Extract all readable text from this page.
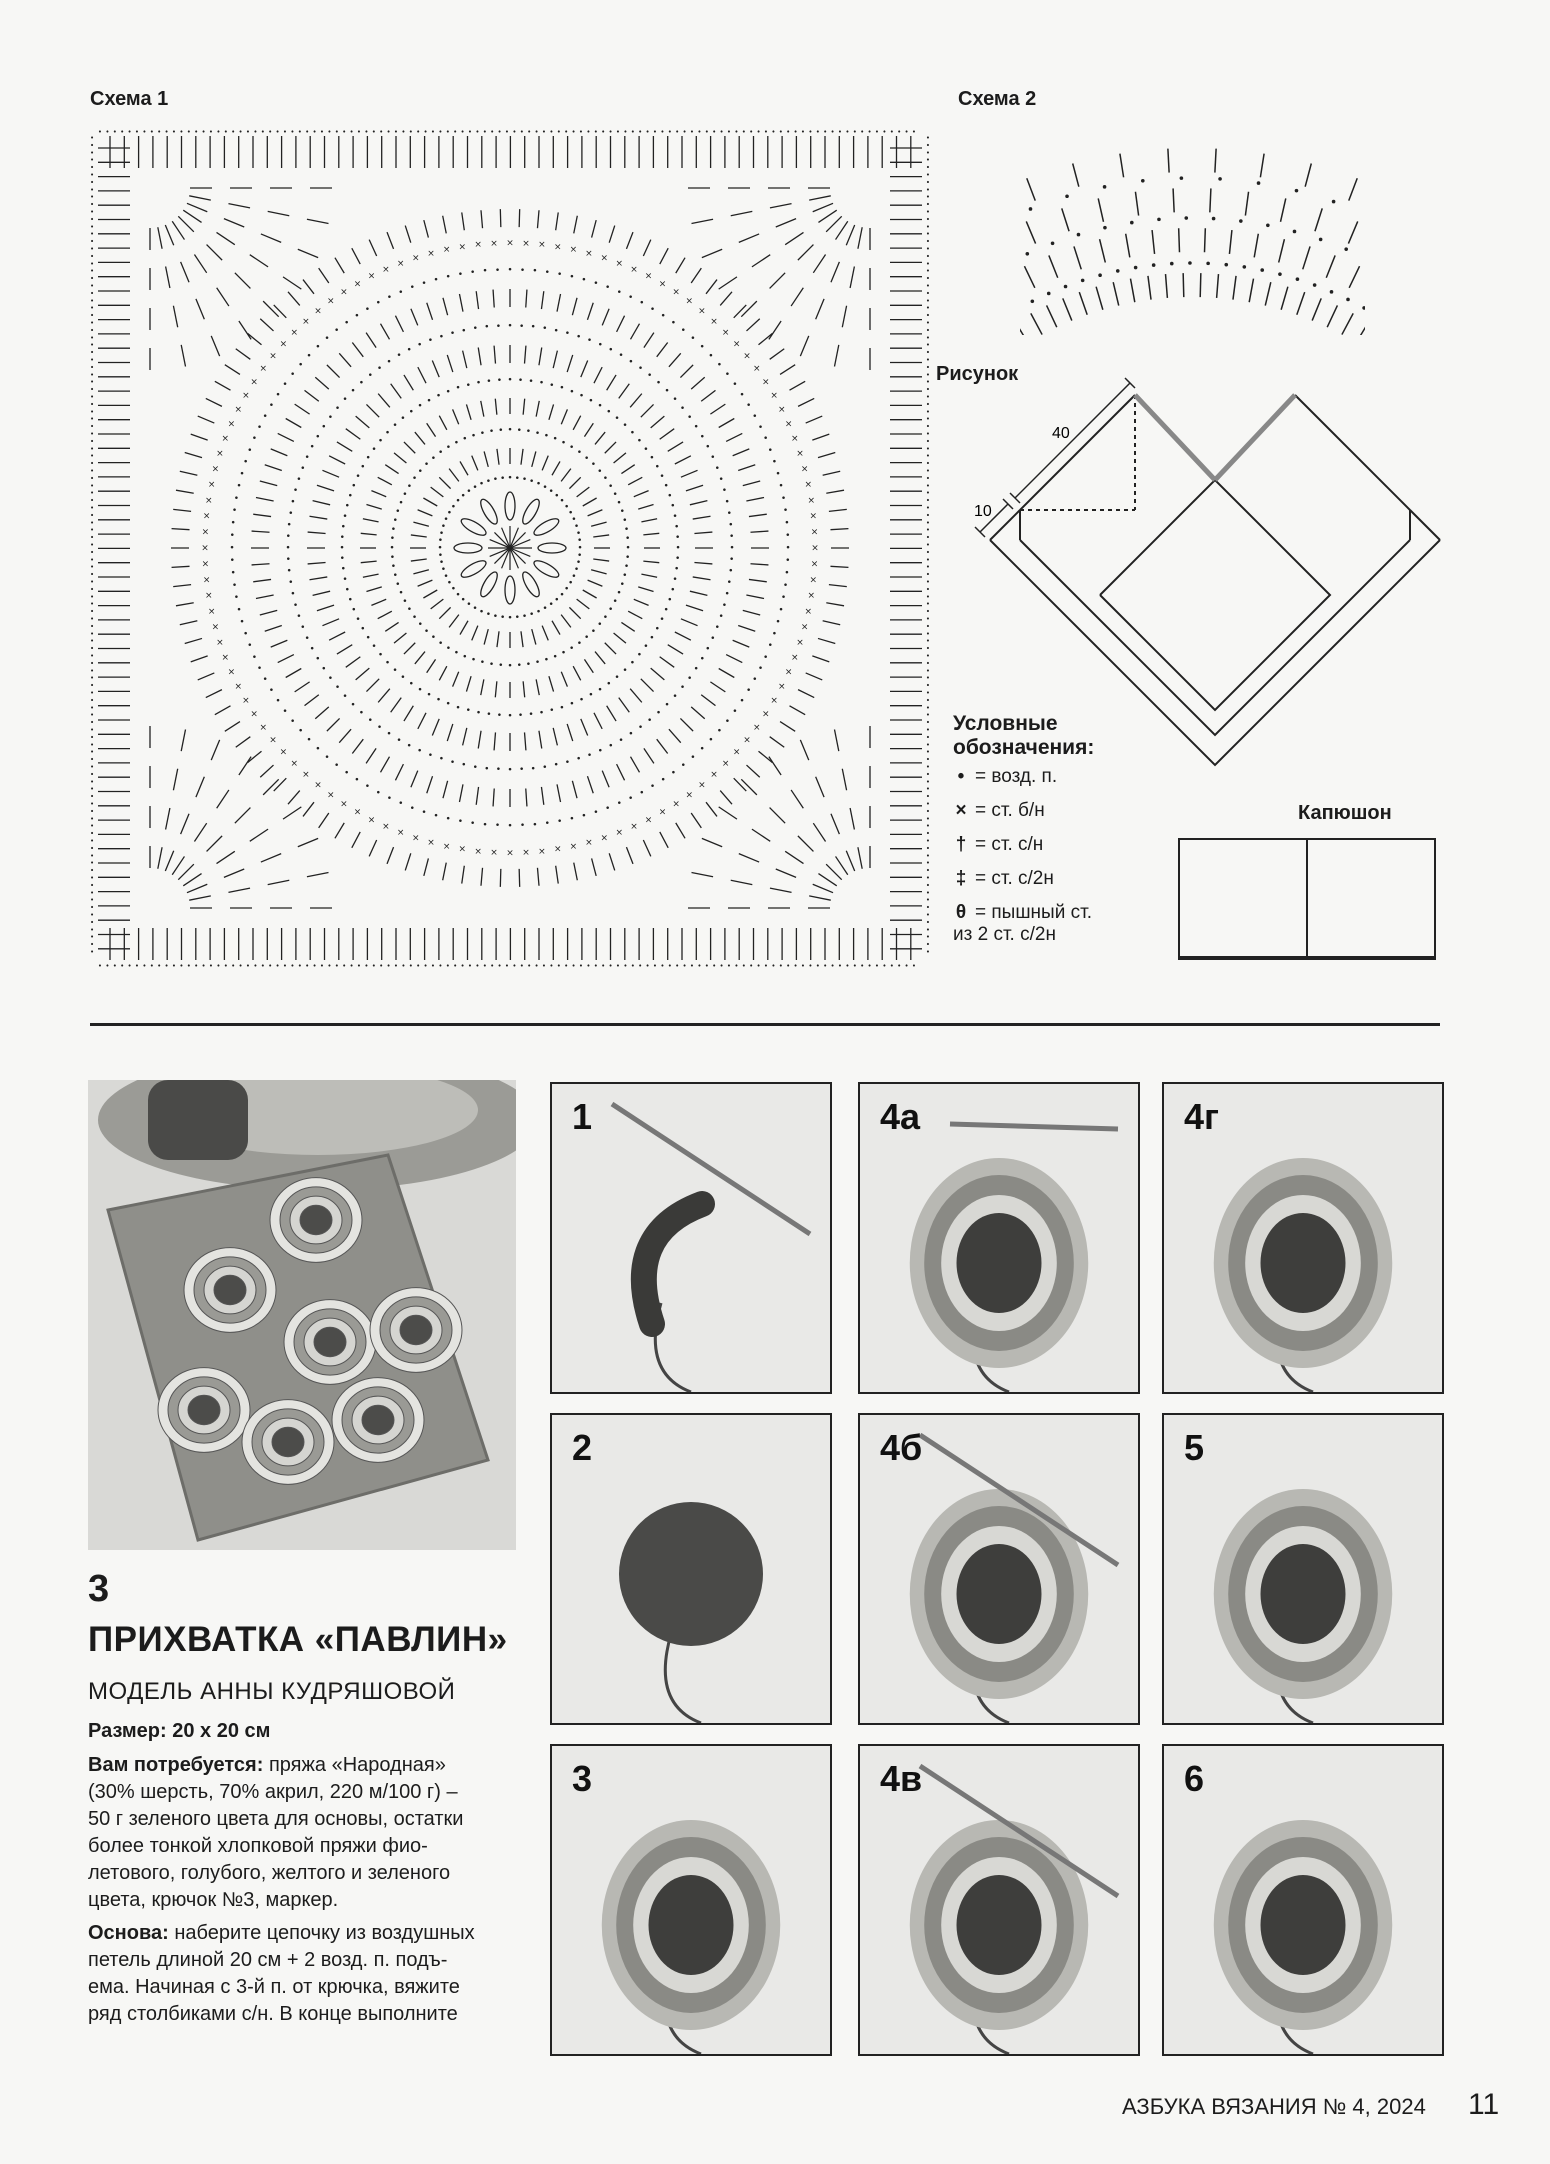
Схема 1
•
•
•
•
•
•
•
•
•
•
•
•
•
•
•
•
•
•
•
•
•
•
•
•
•
•
•
•
•
•
•
•
•
•
•
•
•
•
• • • • • • • • • • • • • • •
•
•
•
•
•
•
•
•
•
•
•
•
•
•
•
•
•
•
•
•
•
•
•
•
•
•
•
•
•
•
•
•
•
•
•
•
•
•
•
•
•
•
•
•
•
•
•
•
•
•
•
•
•
•
•
•
•
•
•
•
• • • • • • • • • • • • • • •
•
•
•
•
•
•
•
•
•
•
•
•
•
•
•
•
•
•
•
•
•
•
•
•
•
•
•
•
•
•
•
•
•
•
•
•
•
•
•
•
•
•
•
•
•
•
•
•
•
•
•
•
•
•
•
•
•
•
•
•
•
•
•
•
•
•
•
•
•
•
•
•
•
•
•
•
•
•
•
• • • • • • • • • • • • • • • • •
•
•
•
•
•
•
•
•
•
•
•
•
•
•
•
•
•
•
•
•
•
•
•
•
•
•
•
•
•
•
•
•
•
•
•
•
•
•
•
•
•
•
•
•
•
•
•
•
•
•
•
•
•
•
•
•
•
•
•
•
•
•
•
•
•
•
•
•
•
•
•
•
•
•
•
•
•
•
•
•
•
•
•
•
•
•
•
•
•
•
•
•
•
•
•
•
•
•
• • • • • • • • • • • • • • • • •
•
•
•
•
•
•
•
•
•
•
•
•
•
•
•
•
•
•
•
•
•
•
•
•
•
•
•
•
•
•
•
•
•
•
•
•
•
•
•
•
•
•
•
•
•
•
•
•
•
•
•
•
•
•
•
•
•
•
•
•
•
•
•
•
•
•
•
•
•
•
•
•
•
•
•
•
•
•
•
•
•
•
•
•
•
•
•
•
•
•
•
•
•
•
•
•
•
•
•
•
•
•
•
•
•
•
•
•
•
•
•
•
•
•
•
•
•
• • • • • • • • • • • • • • • • • • •
•
•
•
•
•
•
•
•
•
•
•
•
•
•
•
•
•
•
•
•
•
•
•
•
•
×
×
×
×
×
×
×
×
×
×
×
×
×
×
×
×
×
×
×
×
×
×
×
×
×
×
×
×
×
×
×
×
×
×
×
×
×
×
×
×
×
×
×
×
×
×
×
×
×
×
×
×
×
×
×
×
×
×
×
×
×
×
×
×
×
×
×
×
×
×
×
×
×
×
×
×
×
×
×
×
×
×
×
×
× × × × × × × × × × × × ×
×
×
×
×
×
×
×
×
×
×
×
×
×
×
×
×
×
×
×
×
×
×
×
•
•
•	•
•
•
•	•
•
•
•	•
•
•
•	•
•
•
•	•
•
•
•	•
•
•
•	•
•
•
•	•
•
•
•	•
•
•
•	•
•
•
•	•
•
•
•	•
•
•
•	•
•
•
•	•
•
•
•	•
•
•
•	•
•
•
•	•
•
•
•	•
•
•
•	•
•
•
•	•
•
•
•	•
•
•
•	•
•
•
•	•
•
•
•	•
•
•
•	•
•
•
•	•
•
•
•	•
•
•
•	•
•
•
•	•
•
•
•	•
•
•
•	•
•
•
•	•
•
•
•	•
•
•
•	•
•
•
•	•
•
•
•	•
•
•
•	•
•
•
•	•
•
•
•	•
•
•
•	•
•
•
•	•
•
•
•	•
•
•
•	•
•
•
•	•
•
•
•	•
•
•
•	•
•
•
•	•
•
•
•	•
•
•
•	•
•
•
•	•
•
•
•	•
•
•
•	•
•
•
•	•
•
•
•	•
•
•
•	•
•
•
•	•
•
•
•	•
•
•
•	•
•
•
•	•
•
•
•	•
•
•
•	•
•
•
•	•
•
•
•	•
•
•
•	•
•
•
•	•
•
•
•	•
•
•
•	•
•
•
•	•
•
•
•	•
•
•
•	•
•
•
•	•
•
•
•	•
•
•
•	•
•
•
•	•
•
•
•	•
•
•
•	•
•
•
•	•
•
•
•	•
•
•
•	•
•
•
•	•
•
•
•	•
•
•
•	•
•
•
•	•
•
•
•	•
•
•
•	•
•
•
•	•
•
•
•	•
•
•
•	•
•
•
•	•
•
•
•	•
•
•
•	•
•
•
•	•
•
•
•	•
•
•
•	•
•
•
•	•
•
•
•	•
•
•
•	•
•
•
•	•
•
•
•	•
•
•
•	•
•
•
•	•
•
•
•	•
•
•
•	•
•
•
•	•
•
•
•	•
•
•
•	•
•
•
•	•
•
•
•	•
•
•
•	•
•
•
•	•
•
•
•	•
Схема 2
Рисунок
40
10
Условные
обозначения:
• = возд. п.
× = ст. б/н
† = ст. с/н
‡ = ст. с/2н
θ = пышный ст.
из 2 ст. с/2н
Капюшон
3
ПРИХВАТКА «ПАВЛИН»
МОДЕЛЬ АННЫ КУДРЯШОВОЙ
Размер: 20 х 20 см
Вам потребуется: пряжа «Народная»
(30% шерсть, 70% акрил, 220 м/100 г) –
50 г зеленого цвета для основы, остатки
более тонкой хлопковой пряжи фио-
летового, голубого, желтого и зеленого
цвета, крючок №3, маркер.
Основа: наберите цепочку из воздушных
петель длиной 20 см + 2 возд. п. подъ-
ема. Начиная с 3-й п. от крючка, вяжите
ряд столбиками с/н. В конце выполните
1	4а	4г
2	4б	5
3	4в	6
АЗБУКА ВЯЗАНИЯ № 4, 2024 11
